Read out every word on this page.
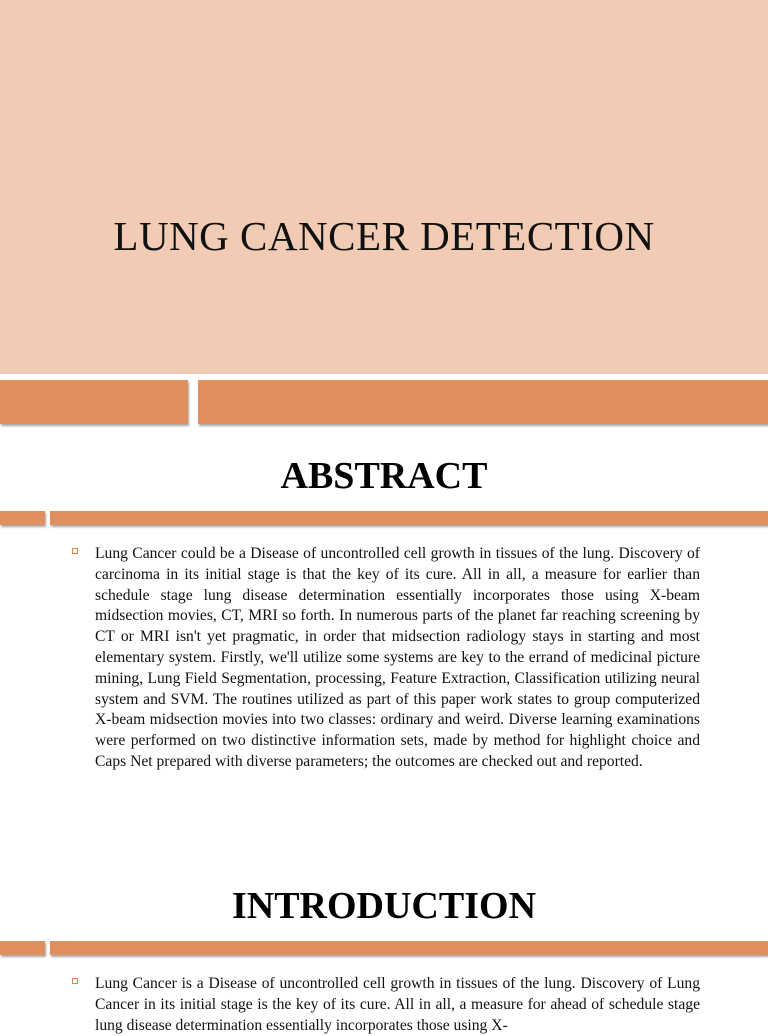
LUNG CANCER DETECTION
ABSTRACT
Lung Cancer could be a Disease of uncontrolled cell growth in tissues of the lung. Discovery of carcinoma in its initial stage is that the key of its cure. All in all, a measure for earlier than schedule stage lung disease determination essentially incorporates those using X-beam midsection movies, CT, MRI so forth. In numerous parts of the planet far reaching screening by CT or MRI isn't yet pragmatic, in order that midsection radiology stays in starting and most elementary system. Firstly, we'll utilize some systems are key to the errand of medicinal picture mining, Lung Field Segmentation, processing, Feature Extraction, Classification utilizing neural system and SVM. The routines utilized as part of this paper work states to group computerized X-beam midsection movies into two classes: ordinary and weird. Diverse learning examinations were performed on two distinctive information sets, made by method for highlight choice and Caps Net prepared with diverse parameters; the outcomes are checked out and reported.
INTRODUCTION
Lung Cancer is a Disease of uncontrolled cell growth in tissues of the lung. Discovery of Lung Cancer in its initial stage is the key of its cure. All in all, a measure for ahead of schedule stage lung disease determination essentially incorporates those using X-
